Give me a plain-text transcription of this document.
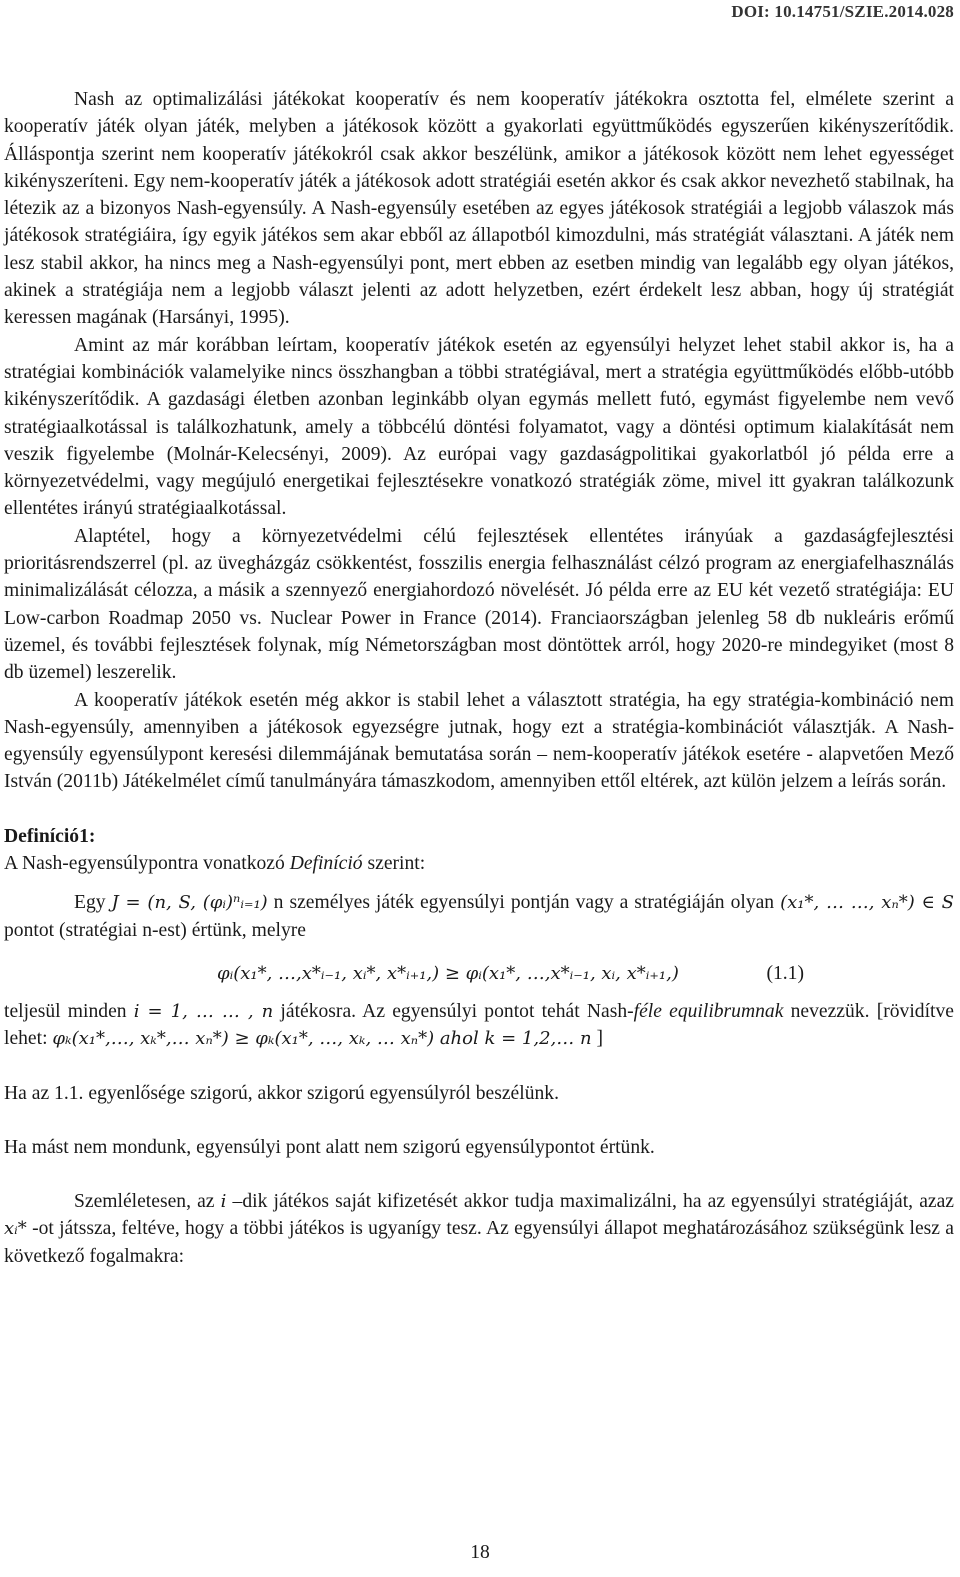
DOI: 10.14751/SZIE.2014.028

Nash az optimalizálási játékokat kooperatív és nem kooperatív játékokra osztotta fel, elmélete szerint a kooperatív játék olyan játék, melyben a játékosok között a gyakorlati együttműködés egyszerűen kikényszerítődik. Álláspontja szerint nem kooperatív játékokról csak akkor beszélünk, amikor a játékosok között nem lehet egyességet kikényszeríteni. Egy nem-kooperatív játék a játékosok adott stratégiái esetén akkor és csak akkor nevezhető stabilnak, ha létezik az a bizonyos Nash-egyensúly. A Nash-egyensúly esetében az egyes játékosok stratégiái a legjobb válaszok más játékosok stratégiáira, így egyik játékos sem akar ebből az állapotból kimozdulni, más stratégiát választani. A játék nem lesz stabil akkor, ha nincs meg a Nash-egyensúlyi pont, mert ebben az esetben mindig van legalább egy olyan játékos, akinek a stratégiája nem a legjobb választ jelenti az adott helyzetben, ezért érdekelt lesz abban, hogy új stratégiát keressen magának (Harsányi, 1995).

Amint az már korábban leírtam, kooperatív játékok esetén az egyensúlyi helyzet lehet stabil akkor is, ha a stratégiai kombinációk valamelyike nincs összhangban a többi stratégiával, mert a stratégia együttműködés előbb-utóbb kikényszerítődik. A gazdasági életben azonban leginkább olyan egymás mellett futó, egymást figyelembe nem vevő stratégiaalkotással is találkozhatunk, amely a többcélú döntési folyamatot, vagy a döntési optimum kialakítását nem veszik figyelembe (Molnár-Kelecsényi, 2009). Az európai vagy gazdaságpolitikai gyakorlatból jó példa erre a környezetvédelmi, vagy megújuló energetikai fejlesztésekre vonatkozó stratégiák zöme, mivel itt gyakran találkozunk ellentétes irányú stratégiaalkotással.

Alaptétel, hogy a környezetvédelmi célú fejlesztések ellentétes irányúak a gazdaságfejlesztési prioritásrendszerrel (pl. az üvegházgáz csökkentést, fosszilis energia felhasználást célzó program az energiafelhasználás minimalizálását célozza, a másik a szennyező energiahordozó növelését. Jó példa erre az EU két vezető stratégiája: EU Low-carbon Roadmap 2050 vs. Nuclear Power in France (2014). Franciaországban jelenleg 58 db nukleáris erőmű üzemel, és további fejlesztések folynak, míg Németországban most döntöttek arról, hogy 2020-re mindegyiket (most 8 db üzemel) leszerelik.

A kooperatív játékok esetén még akkor is stabil lehet a választott stratégia, ha egy stratégia-kombináció nem Nash-egyensúly, amennyiben a játékosok egyezségre jutnak, hogy ezt a stratégia-kombinációt választják. A Nash-egyensúly egyensúlypont keresési dilemmájának bemutatása során – nem-kooperatív játékok esetére - alapvetően Mező István (2011b) Játékelmélet című tanulmányára támaszkodom, amennyiben ettől eltérek, azt külön jelzem a leírás során.

Definíció1:

A Nash-egyensúlypontra vonatkozó Definíció szerint:

Egy J = (n, S, (φᵢ)ⁿᵢ₌₁) n személyes játék egyensúlyi pontján vagy a stratégiáján olyan (x₁*, … …, xₙ*) ∈ S pontot (stratégiai n-est) értünk, melyre

φᵢ(x₁*, …,x*ᵢ₋₁, xᵢ*, x*ᵢ₊₁,) ≥ φᵢ(x₁*, …,x*ᵢ₋₁, xᵢ, x*ᵢ₊₁,)	(1.1)

teljesül minden i = 1, … … , n játékosra. Az egyensúlyi pontot tehát Nash-féle equilibrumnak nevezzük. [rövidítve lehet: φₖ(x₁*,…, xₖ*,… xₙ*) ≥ φₖ(x₁*, …, xₖ, … xₙ*) ahol k = 1,2,… n ]

Ha az 1.1. egyenlősége szigorú, akkor szigorú egyensúlyról beszélünk.

Ha mást nem mondunk, egyensúlyi pont alatt nem szigorú egyensúlypontot értünk.

Szemléletesen, az i –dik játékos saját kifizetését akkor tudja maximalizálni, ha az egyensúlyi stratégiáját, azaz xᵢ* -ot játssza, feltéve, hogy a többi játékos is ugyanígy tesz. Az egyensúlyi állapot meghatározásához szükségünk lesz a következő fogalmakra:

18
